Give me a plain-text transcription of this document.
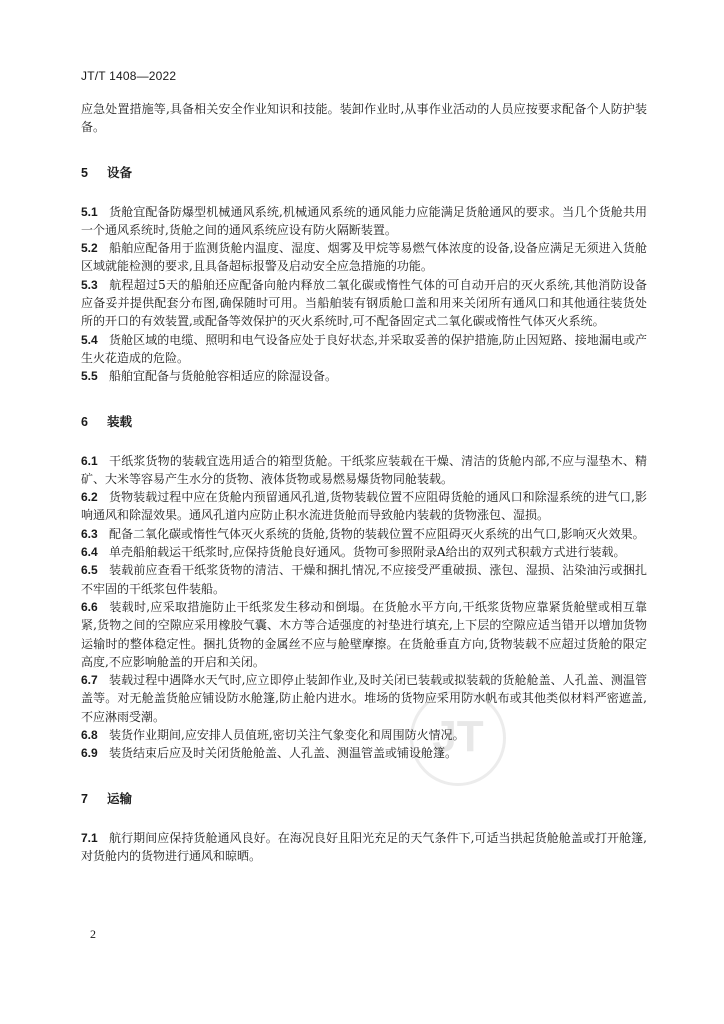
JT/T 1408—2022
JT

应急处置措施等,具备相关安全作业知识和技能。装卸作业时,从事作业活动的人员应按要求配备个人防护装备。

5 设备

5.1 货舱宜配备防爆型机械通风系统,机械通风系统的通风能力应能满足货舱通风的要求。当几个货舱共用一个通风系统时,货舱之间的通风系统应设有防火隔断装置。

5.2 船舶应配备用于监测货舱内温度、湿度、烟雾及甲烷等易燃气体浓度的设备,设备应满足无须进入货舱区域就能检测的要求,且具备超标报警及启动安全应急措施的功能。

5.3 航程超过5天的船舶还应配备向舱内释放二氧化碳或惰性气体的可自动开启的灭火系统,其他消防设备应备妥并提供配套分布图,确保随时可用。当船舶装有钢质舱口盖和用来关闭所有通风口和其他通往装货处所的开口的有效装置,或配备等效保护的灭火系统时,可不配备固定式二氧化碳或惰性气体灭火系统。

5.4 货舱区域的电缆、照明和电气设备应处于良好状态,并采取妥善的保护措施,防止因短路、接地漏电或产生火花造成的危险。

5.5 船舶宜配备与货舱舱容相适应的除湿设备。

6 装载

6.1 干纸浆货物的装载宜选用适合的箱型货舱。干纸浆应装载在干燥、清洁的货舱内部,不应与湿垫木、精矿、大米等容易产生水分的货物、液体货物或易燃易爆货物同舱装载。

6.2 货物装载过程中应在货舱内预留通风孔道,货物装载位置不应阻碍货舱的通风口和除湿系统的进气口,影响通风和除湿效果。通风孔道内应防止积水流进货舱而导致舱内装载的货物涨包、湿损。

6.3 配备二氧化碳或惰性气体灭火系统的货舱,货物的装载位置不应阻碍灭火系统的出气口,影响灭火效果。

6.4 单壳船舶载运干纸浆时,应保持货舱良好通风。货物可参照附录A给出的双列式积载方式进行装载。

6.5 装载前应查看干纸浆货物的清洁、干燥和捆扎情况,不应接受严重破损、涨包、湿损、沾染油污或捆扎不牢固的干纸浆包件装船。

6.6 装载时,应采取措施防止干纸浆发生移动和倒塌。在货舱水平方向,干纸浆货物应靠紧货舱壁或相互靠紧,货物之间的空隙应采用橡胶气囊、木方等合适强度的衬垫进行填充,上下层的空隙应适当错开以增加货物运输时的整体稳定性。捆扎货物的金属丝不应与舱壁摩擦。在货舱垂直方向,货物装载不应超过货舱的限定高度,不应影响舱盖的开启和关闭。

6.7 装载过程中遇降水天气时,应立即停止装卸作业,及时关闭已装载或拟装载的货舱舱盖、人孔盖、测温管盖等。对无舱盖货舱应铺设防水舱篷,防止舱内进水。堆场的货物应采用防水帆布或其他类似材料严密遮盖,不应淋雨受潮。

6.8 装货作业期间,应安排人员值班,密切关注气象变化和周围防火情况。

6.9 装货结束后应及时关闭货舱舱盖、人孔盖、测温管盖或铺设舱篷。

7 运输

7.1 航行期间应保持货舱通风良好。在海况良好且阳光充足的天气条件下,可适当拱起货舱舱盖或打开舱篷,对货舱内的货物进行通风和晾晒。

2
